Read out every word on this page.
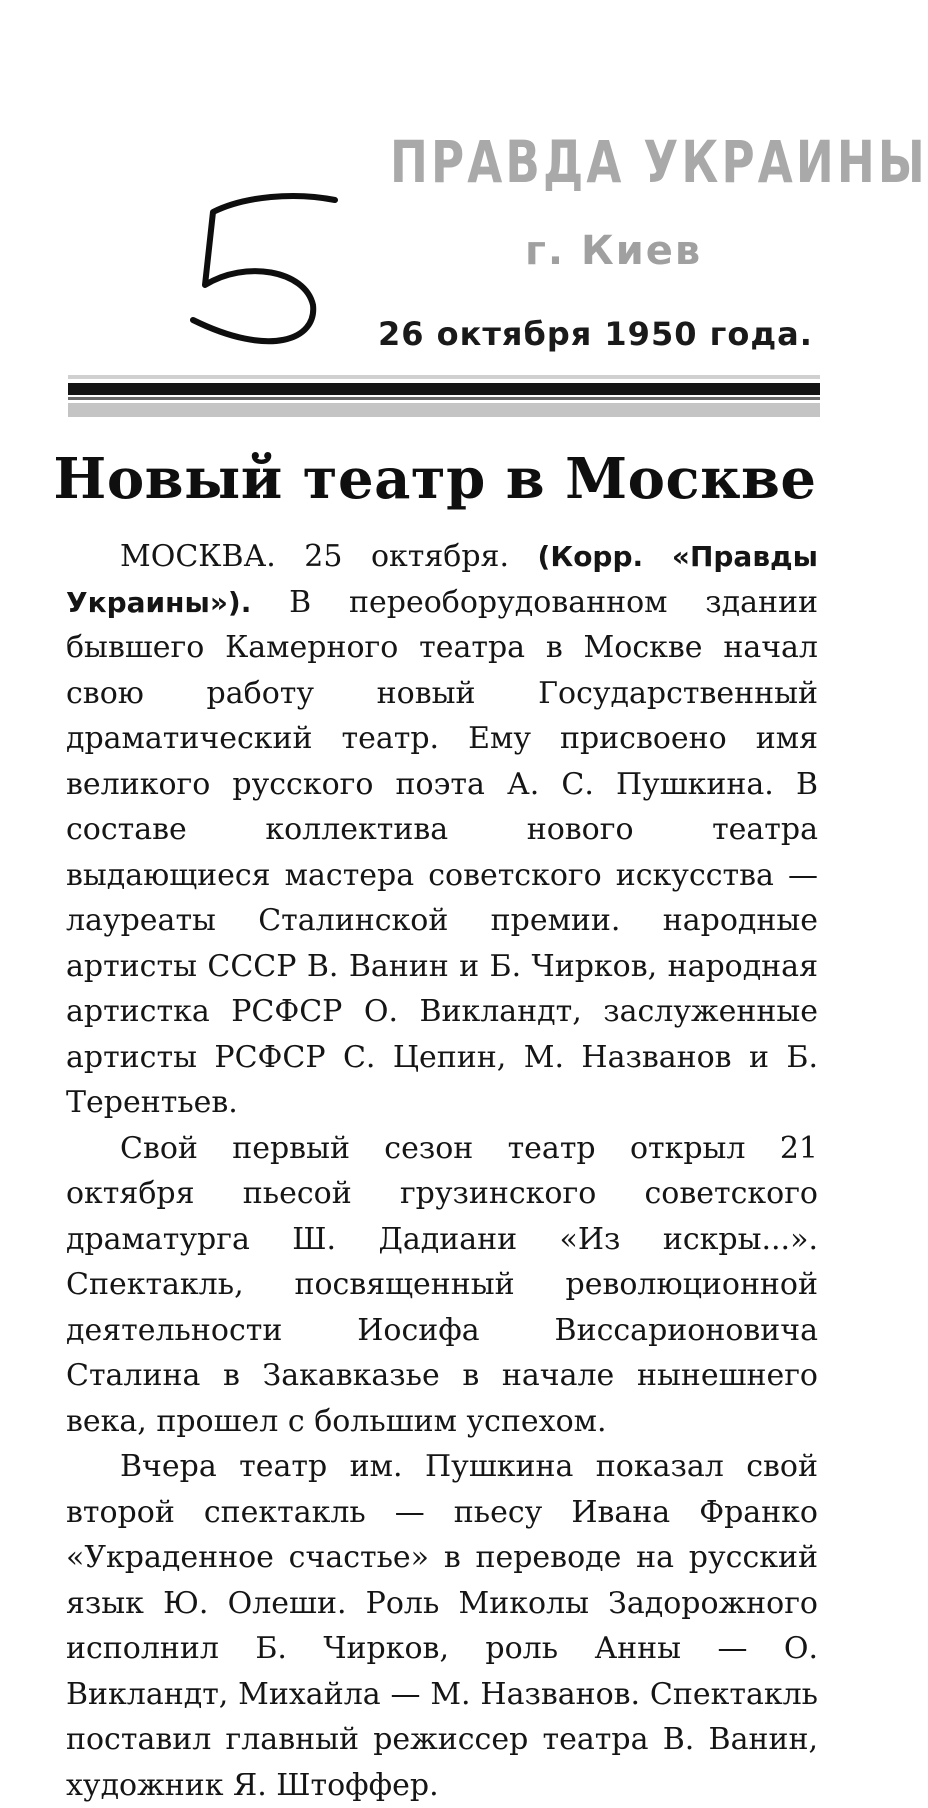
ПРАВДА УКРАИНЫ
г. Киев
26 октября 1950 года.
Новый театр в Москве

МОСКВА. 25 октября. (Корр. «Правды Украины»). В переоборудованном здании бывшего Камерного театра в Москве начал свою работу новый Государственный драматический театр. Ему присвоено имя великого русского поэта А. С. Пушкина. В составе коллектива нового театра выдающиеся мастера советского искусства — лауреаты Сталинской премии. народные артисты СССР В. Ванин и Б. Чирков, народная артистка РСФСР О. Викландт, заслуженные артисты РСФСР С. Цепин, М. Названов и Б. Терентьев.

Свой первый сезон театр открыл 21 октября пьесой грузинского советского драматурга Ш. Дадиани «Из искры...». Спектакль, посвященный революционной деятельности Иосифа Виссарионовича Сталина в Закавказье в начале нынешнего века, прошел с большим успехом.

Вчера театр им. Пушкина показал свой второй спектакль — пьесу Ивана Франко «Украденное счастье» в переводе на русский язык Ю. Олеши. Роль Миколы Задорожного исполнил Б. Чирков, роль Анны — О. Викландт, Михайла — М. Названов. Спектакль поставил главный режиссер театра В. Ванин, художник Я. Штоффер.
